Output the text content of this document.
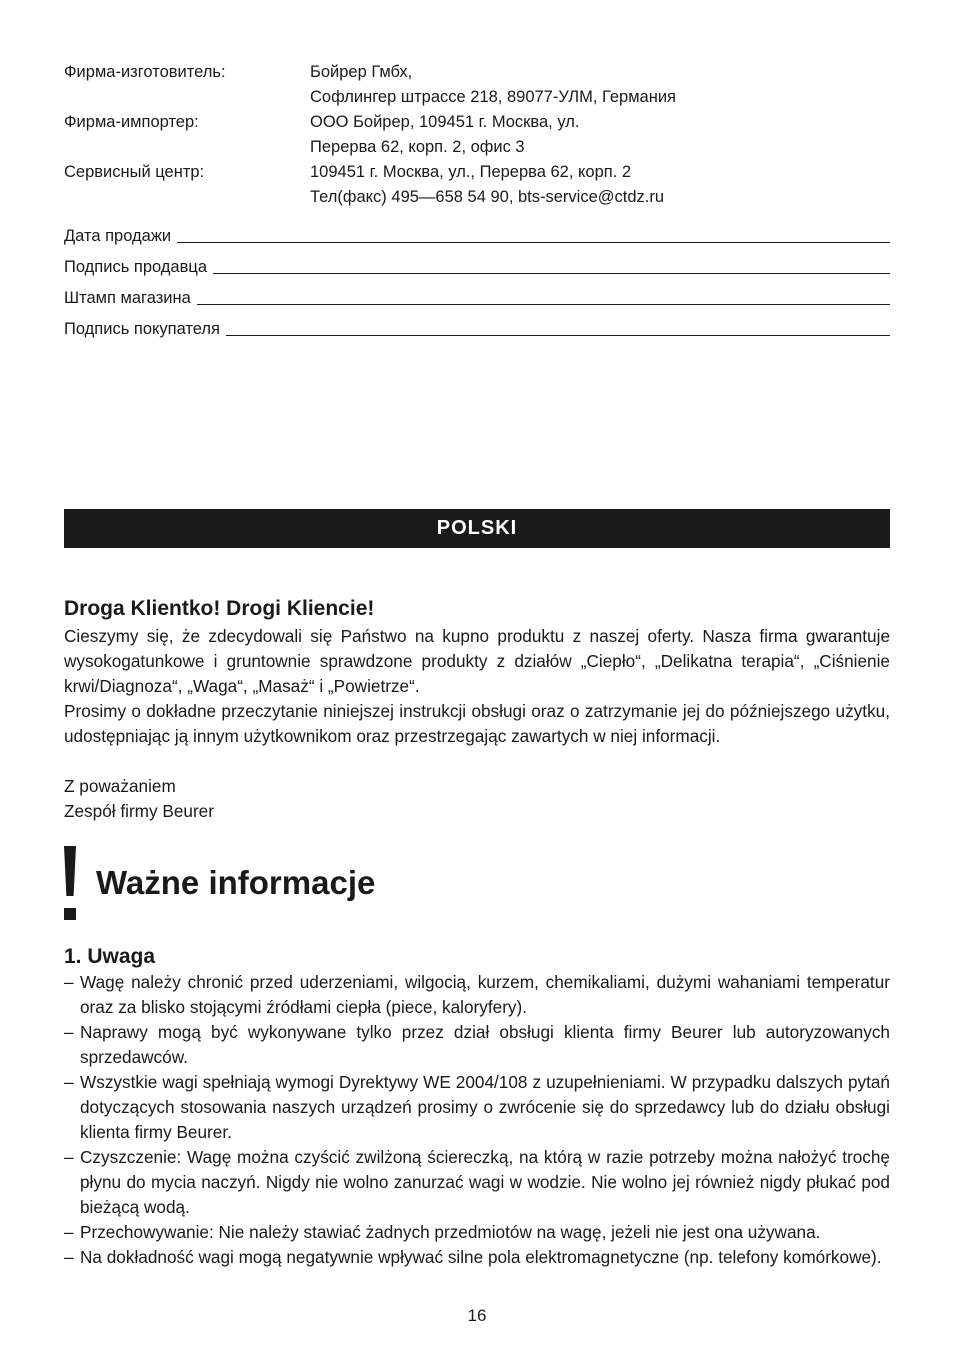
Фирма-изготовитель:	Бойрер Гмбх,
Софлингер штрассе 218, 89077-УЛМ, Германия
Фирма-импортер:	ООО Бойрер, 109451 г. Москва, ул.
Перерва 62, корп. 2, офис 3
Сервисный центр:	109451 г. Москва, ул., Перерва 62, корп. 2
Тел(факс) 495—658 54 90, bts-service@ctdz.ru
Дата продажи
Подпись продавца
Штамп магазина
Подпись покупателя
POLSKI
Droga Klientko! Drogi Kliencie!

Cieszymy się, że zdecydowali się Państwo na kupno produktu z naszej oferty. Nasza firma gwarantuje wysokogatunkowe i gruntownie sprawdzone produkty z działów „Ciepło“, „Delikatna terapia“, „Ciśnienie krwi/Diagnoza“, „Waga“, „Masaż“ i „Powietrze“.

Prosimy o dokładne przeczytanie niniejszej instrukcji obsługi oraz o zatrzymanie jej do późniejszego użytku, udostępniając ją innym użytkownikom oraz przestrzegając zawartych w niej informacji.

Z poważaniem
Zespół firmy Beurer
Ważne informacje
1. Uwaga
– Wagę należy chronić przed uderzeniami, wilgocią, kurzem, chemikaliami, dużymi wahaniami temperatur oraz za blisko stojącymi źródłami ciepła (piece, kaloryfery).
– Naprawy mogą być wykonywane tylko przez dział obsługi klienta firmy Beurer lub autoryzowanych sprzedawców.
– Wszystkie wagi spełniają wymogi Dyrektywy WE 2004/108 z uzupełnieniami. W przypadku dalszych pytań dotyczących stosowania naszych urządzeń prosimy o zwrócenie się do sprzedawcy lub do działu obsługi klienta firmy Beurer.
– Czyszczenie: Wagę można czyścić zwilżoną ściereczką, na którą w razie potrzeby można nałożyć trochę płynu do mycia naczyń. Nigdy nie wolno zanurzać wagi w wodzie. Nie wolno jej również nigdy płukać pod bieżącą wodą.
– Przechowywanie: Nie należy stawiać żadnych przedmiotów na wagę, jeżeli nie jest ona używana.
– Na dokładność wagi mogą negatywnie wpływać silne pola elektromagnetyczne (np. telefony komórkowe).
16
